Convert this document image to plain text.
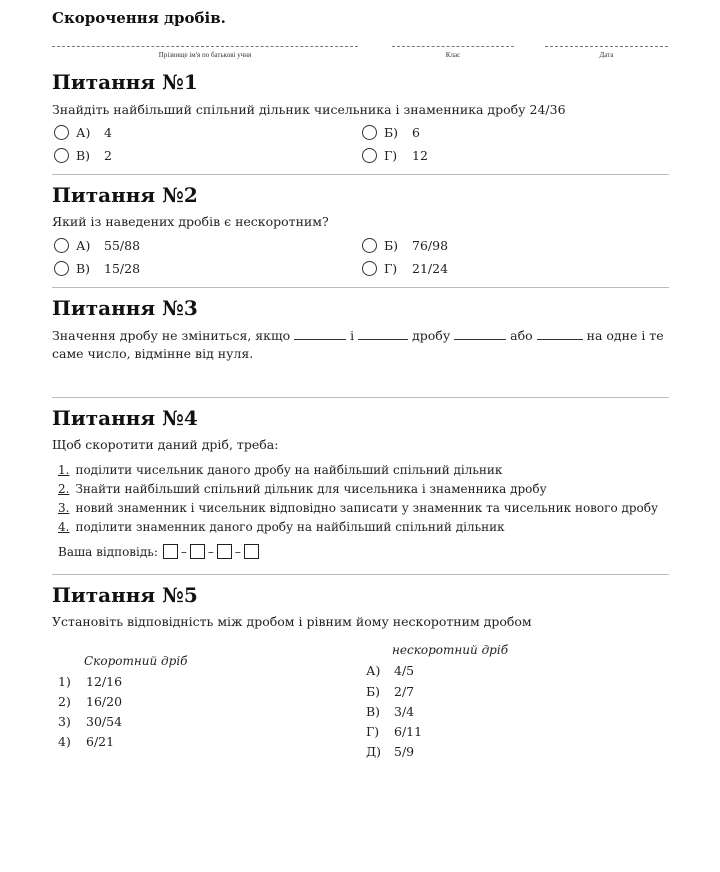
Скорочення дробів.
Прізвище ім'я по батькові учня	Клас	Дата
Питання №1
Знайдіть найбільший спільний дільник чисельника і знаменника дробу 24/36
А)	4	Б)	6
В)	2	Г)	12
Питання №2
Який із наведених дробів є нескоротним?
А)	55/88	Б)	76/98
В)	15/28	Г)	21/24
Питання №3
Значення дробу не зміниться, якщо	і	дробу	або	на одне і те
саме число, відмінне від нуля.
Питання №4
Щоб скоротити даний дріб, треба:
1. поділити чисельник даного дробу на найбільший спільний дільник
2. Знайти найбільший спільний дільник для чисельника і знаменника дробу
3. новий знаменник і чисельник відповідно записати у знаменник та чисельник нового дробу
4. поділити знаменник даного дробу на найбільший спільний дільник
Ваша відповідь: – – –
Питання №5
Установіть відповідність між дробом і рівним йому нескоротним дробом
Скоротний дріб
1) 12/16
2) 16/20
3) 30/54
4) 6/21
нескоротний дріб
А) 4/5
Б) 2/7
В) 3/4
Г) 6/11
Д) 5/9
